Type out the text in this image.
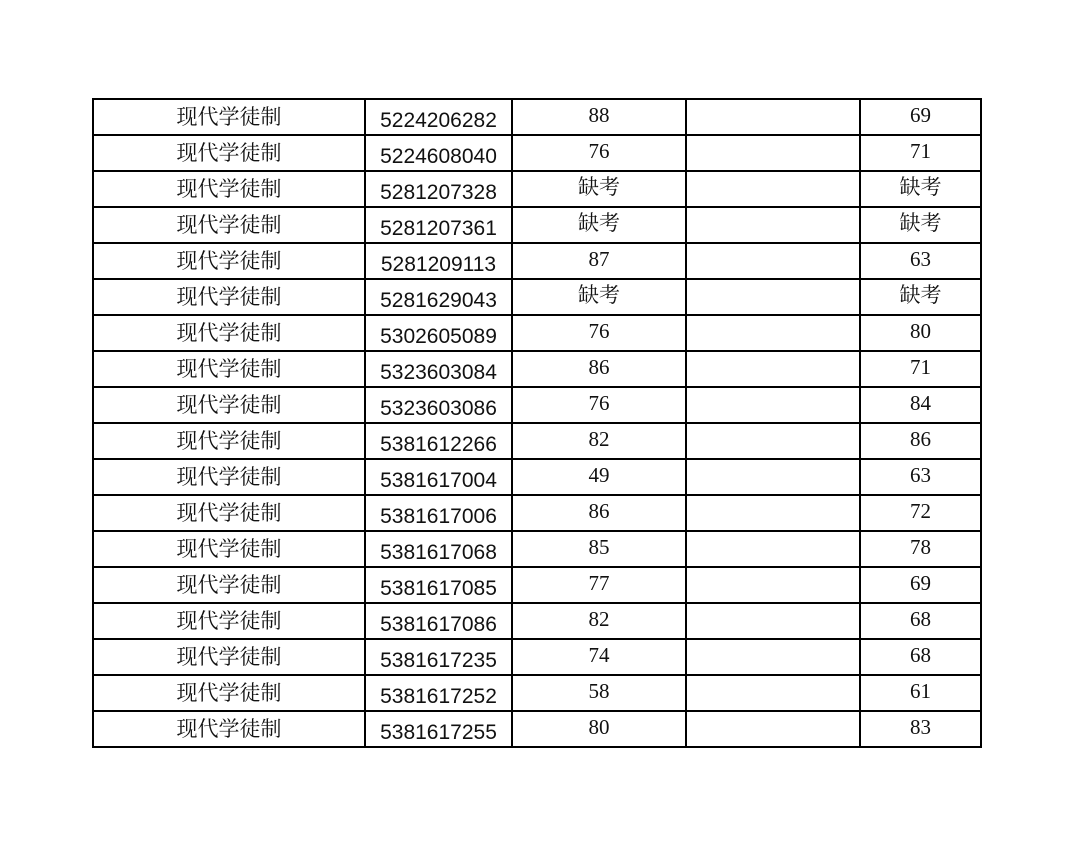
现代学徒制	5224206282	88		69
现代学徒制	5224608040	76		71
现代学徒制	5281207328	缺考		缺考
现代学徒制	5281207361	缺考		缺考
现代学徒制	5281209113	87		63
现代学徒制	5281629043	缺考		缺考
现代学徒制	5302605089	76		80
现代学徒制	5323603084	86		71
现代学徒制	5323603086	76		84
现代学徒制	5381612266	82		86
现代学徒制	5381617004	49		63
现代学徒制	5381617006	86		72
现代学徒制	5381617068	85		78
现代学徒制	5381617085	77		69
现代学徒制	5381617086	82		68
现代学徒制	5381617235	74		68
现代学徒制	5381617252	58		61
现代学徒制	5381617255	80		83
